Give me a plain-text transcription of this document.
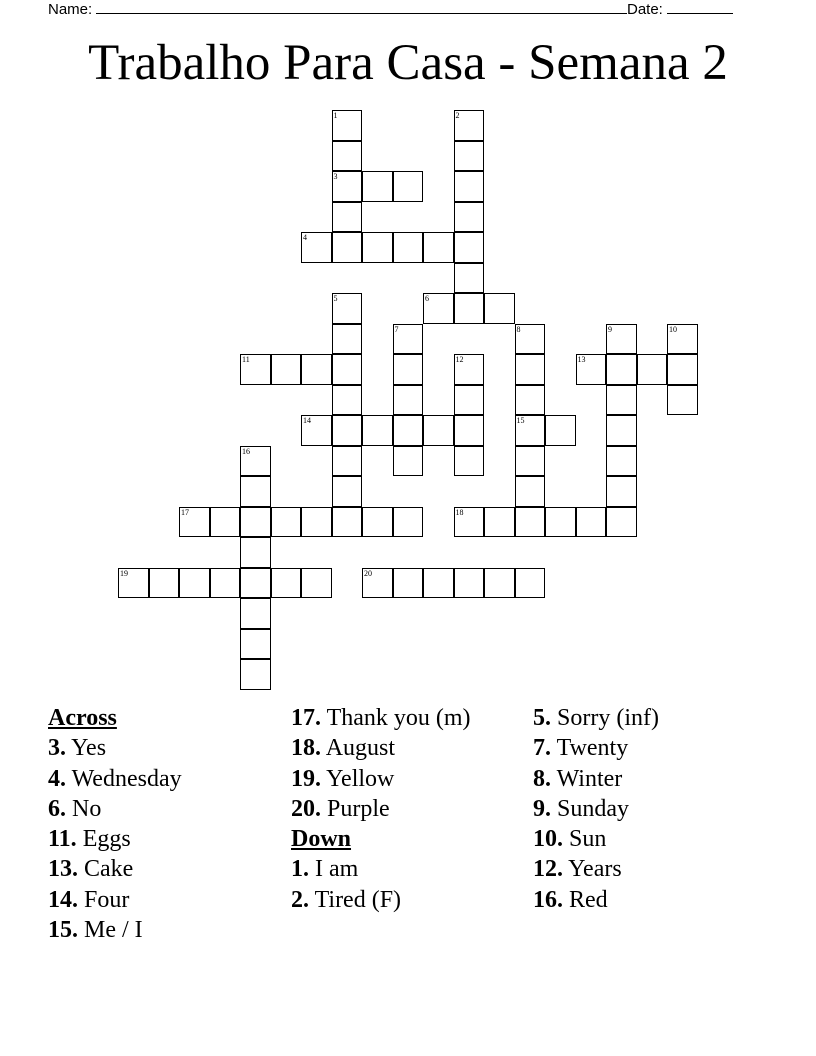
Name:	Date:
Trabalho Para Casa - Semana 2
1	2
3
4
5	6
7	8	9	10
11	12	13
14	15
16
17	18
19	20
Across
3. Yes
4. Wednesday
6. No
11. Eggs
13. Cake
14. Four
15. Me / I
17. Thank you (m)
18. August
19. Yellow
20. Purple
Down
1. I am
2. Tired (F)
5. Sorry (inf)
7. Twenty
8. Winter
9. Sunday
10. Sun
12. Years
16. Red
